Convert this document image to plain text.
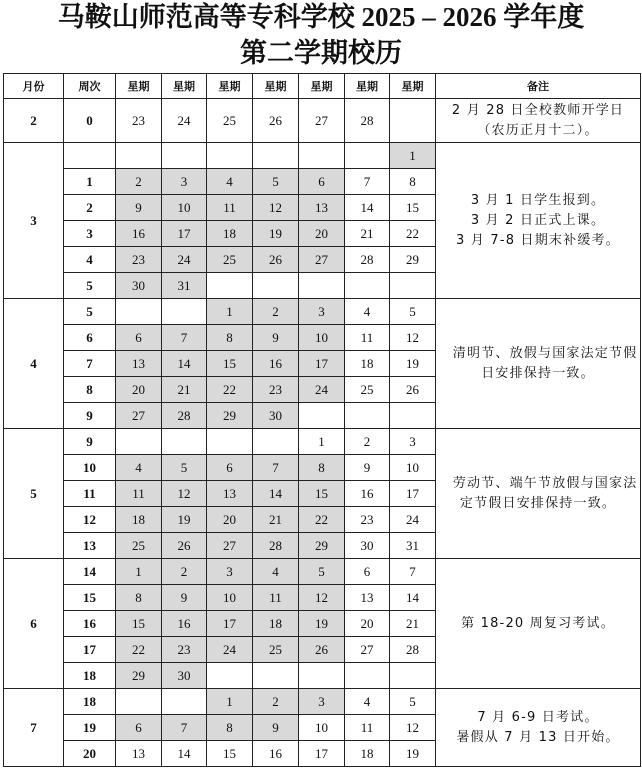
马鞍山师范高等专科学校 2025 – 2026 学年度
第二学期校历
月份	周次	星期	星期	星期	星期	星期	星期	星期	备注
2	0	23	24	25	26	27	28		2 月 28 日全校教师开学日
（农历正月十二）。

3								1	3 月 1 日学生报到。
3 月 2 日正式上课。
3 月 7-8 日期末补缓考。

	1	2	3	4	5	6	7	8	
	2	9	10	11	12	13	14	15	
	3	16	17	18	19	20	21	22	
	4	23	24	25	26	27	28	29	
	5	30	31						
4	5			1	2	3	4	5	　清明节、放假与国家法定节假日安排保持一致。

	6	6	7	8	9	10	11	12	
	7	13	14	15	16	17	18	19	
	8	20	21	22	23	24	25	26	
	9	27	28	29	30				
5	9					1	2	3	　劳动节、端午节放假与国家法定节假日安排保持一致。

	10	4	5	6	7	8	9	10	
	11	11	12	13	14	15	16	17	
	12	18	19	20	21	22	23	24	
	13	25	26	27	28	29	30	31	
6	14	1	2	3	4	5	6	7	第 18-20 周复习考试。

	15	8	9	10	11	12	13	14	
	16	15	16	17	18	19	20	21	
	17	22	23	24	25	26	27	28	
	18	29	30						
7	18			1	2	3	4	5	7 月 6-9 日考试。
暑假从 7 月 13 日开始。

	19	6	7	8	9	10	11	12	
	20	13	14	15	16	17	18	19	
